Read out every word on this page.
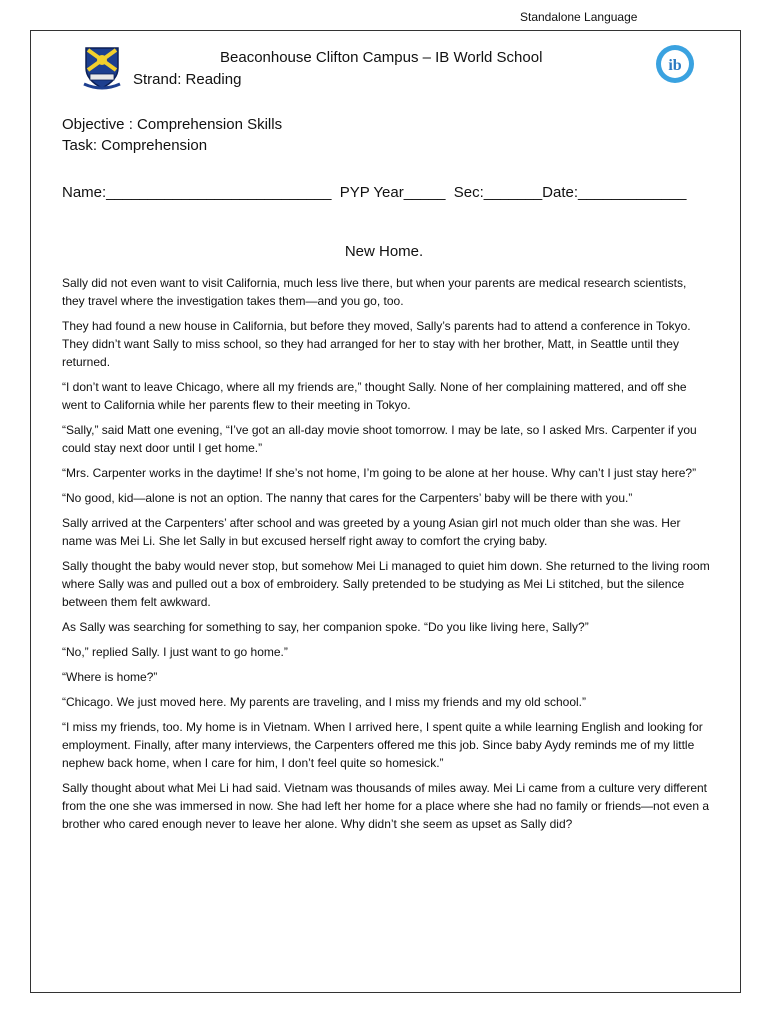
Standalone Language
ib
Beaconhouse Clifton Campus – IB World School
Strand: Reading
Objective : Comprehension Skills
Task: Comprehension
Name:___________________________  PYP Year_____  Sec:_______Date:_____________
New Home.

Sally did not even want to visit California, much less live there, but when your parents are medical research scientists, they travel where the investigation takes them—and you go, too.

They had found a new house in California, but before they moved, Sally’s parents had to attend a conference in Tokyo. They didn’t want Sally to miss school, so they had arranged for her to stay with her brother, Matt, in Seattle until they returned.

“I don’t want to leave Chicago, where all my friends are,” thought Sally. None of her complaining mattered, and off she went to California while her parents flew to their meeting in Tokyo.

“Sally,” said Matt one evening, “I’ve got an all-day movie shoot tomorrow. I may be late, so I asked Mrs. Carpenter if you could stay next door until I get home.”

“Mrs. Carpenter works in the daytime! If she’s not home, I’m going to be alone at her house. Why can’t I just stay here?”

“No good, kid—alone is not an option. The nanny that cares for the Carpenters’ baby will be there with you.”

Sally arrived at the Carpenters’ after school and was greeted by a young Asian girl not much older than she was. Her name was Mei Li. She let Sally in but excused herself right away to comfort the crying baby.

Sally thought the baby would never stop, but somehow Mei Li managed to quiet him down. She returned to the living room where Sally was and pulled out a box of embroidery. Sally pretended to be studying as Mei Li stitched, but the silence between them felt awkward.

As Sally was searching for something to say, her companion spoke. “Do you like living here, Sally?”

“No,” replied Sally. I just want to go home.”

“Where is home?”

“Chicago. We just moved here. My parents are traveling, and I miss my friends and my old school.”

“I miss my friends, too. My home is in Vietnam. When I arrived here, I spent quite a while learning English and looking for employment. Finally, after many interviews, the Carpenters offered me this job. Since baby Aydy reminds me of my little nephew back home, when I care for him, I don’t feel quite so homesick.”

Sally thought about what Mei Li had said. Vietnam was thousands of miles away. Mei Li came from a culture very different from the one she was immersed in now. She had left her home for a place where she had no family or friends—not even a brother who cared enough never to leave her alone. Why didn’t she seem as upset as Sally did?
